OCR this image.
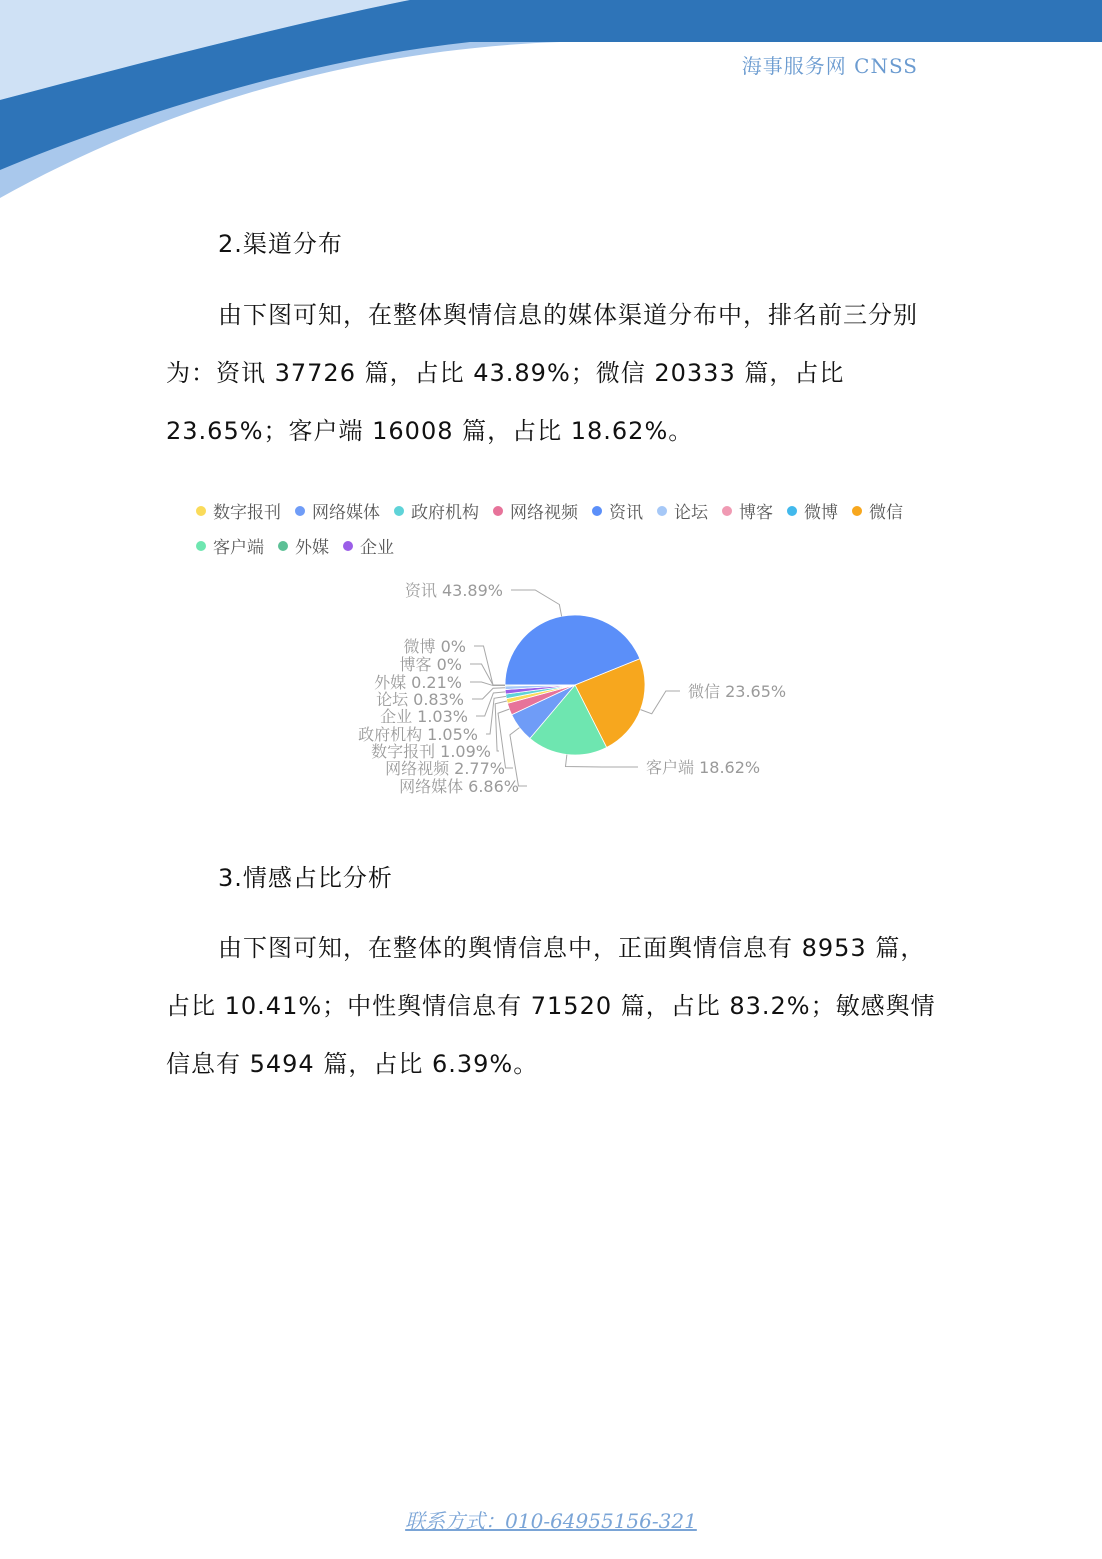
海事服务网 CNSS
2.渠道分布

由下图可知，在整体舆情信息的媒体渠道分布中，排名前三分别为：资讯 37726 篇，占比 43.89%；微信 20333 篇，占比 23.65%；客户端 16008 篇，占比 18.62%。

数字报刊 网络媒体 政府机构 网络视频 资讯 论坛 博客 微博 微信
客户端 外媒 企业
资讯 43.89%
微信 23.65%
客户端 18.62%
网络媒体 6.86%
网络视频 2.77%
数字报刊 1.09%
政府机构 1.05%
企业 1.03%
论坛 0.83%
外媒 0.21%
博客 0%
微博 0%
3.情感占比分析

由下图可知，在整体的舆情信息中，正面舆情信息有 8953 篇，占比 10.41%；中性舆情信息有 71520 篇，占比 83.2%；敏感舆情信息有 5494 篇，占比 6.39%。

联系方式：010-64955156-321
